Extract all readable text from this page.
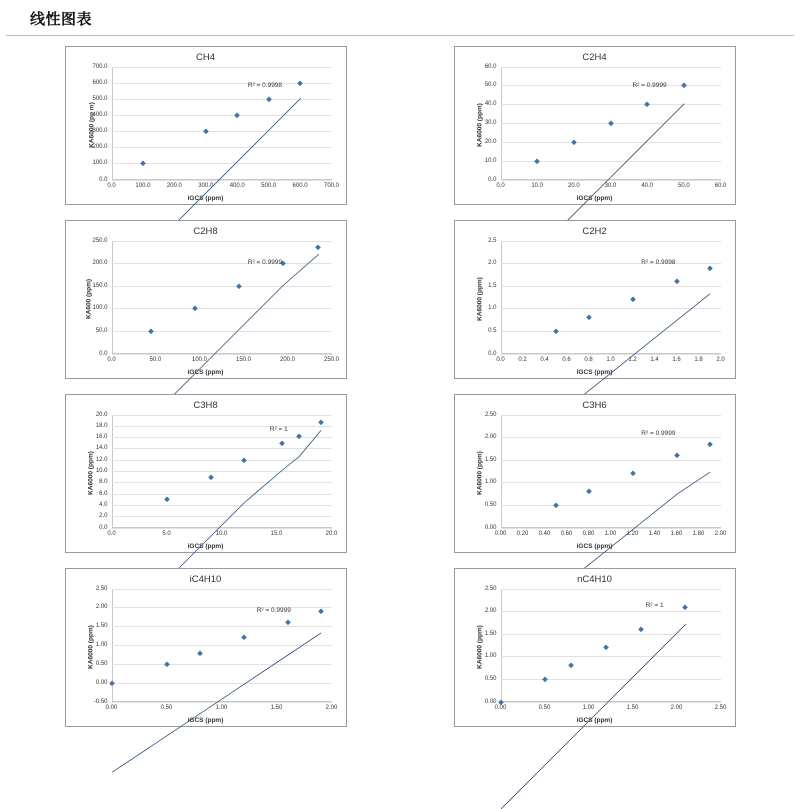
线性图表
CH4
KA6000 (pp m)
iGCS (ppm)
0.0
100.0
200.0
300.0
400.0
500.0
600.0
700.0
0.0	100.0	200.0	300.0	400.0	500.0	600.0	700.0
R² = 0.9998
C2H4
KA6000 (ppm)
iGCS (ppm)
0.0
10.0
20.0
30.0
40.0
50.0
60.0
0.0	10.0	20.0	30.0	40.0	50.0	60.0
R² = 0.9999
C2H8
KA600 (ppm)
iGCS (ppm)
0.0
50.0
100.0
150.0
200.0
250.0
0.0	50.0	100.0	150.0	200.0	250.0
R² = 0.9999
C2H2
KA6000 (ppm)
iGCS (ppm)
0.0
0.5
1.0
1.5
2.0
2.5
0.0 0.2 0.4 0.6 0.8 1.0 1.2 1.4 1.6 1.8 2.0
R² = 0.9998
C3H8
KA6000 (ppm)
iGCS (ppm)
0.0
2.0
4.0
6.0
8.0
10.0
12.0
14.0
16.0
18.0
20.0
0.0	5.0	10.0	15.0	20.0
R² = 1
C3H6
KA6000 (ppm)
iGCS (ppm)
0.00
0.50
1.00
1.50
2.00
2.50
0.00 0.20 0.40 0.60 0.80 1.00 1.20 1.40 1.60 1.80 2.00
R² = 0.9999
iC4H10
KA6000 (ppm)
iGCS (ppm)
-0.50
0.00
0.50
1.00
1.50
2.00
2.50
0.00	0.50	1.00	1.50	2.00
R² = 0.9999
nC4H10
KA6000 (ppm)
iGCS (ppm)
0.00
0.50
1.00
1.50
2.00
2.50
0.00	0.50	1.00	1.50	2.00	2.50
R² = 1
